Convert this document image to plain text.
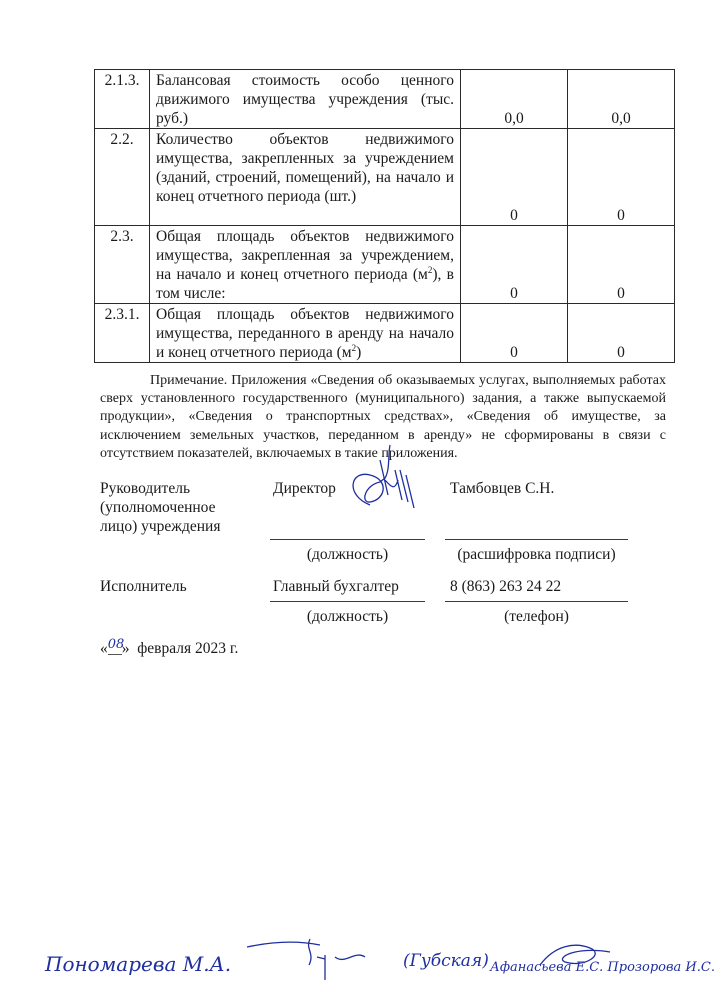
2.1.3.	Балансовая стоимость особо ценного движимого имущества учреждения (тыс. руб.)	0,0	0,0
2.2.	Количество объектов недвижимого имущества, закрепленных за учреждением (зданий, строений, помещений), на начало и конец отчетного периода (шт.)	0	0
2.3.	Общая площадь объектов недвижимого имущества, закрепленная за учреждением, на начало и конец отчетного периода $(м^2)$, в том числе:	0	0
2.3.1.	Общая площадь объектов недвижимого имущества, переданного в аренду на начало и конец отчетного периода $(м^2)$	0	0

Примечание. Приложения «Сведения об оказываемых услугах, выполняемых работах сверх установленного государственного (муниципального) задания, а также выпускаемой продукции», «Сведения о транспортных средствах», «Сведения об имуществе, за исключением земельных участков, переданном в аренду» не сформированы в связи с отсутствием показателей, включаемых в такие приложения.

Руководитель
(уполномоченное
лицо) учреждения
Директор	Тамбовцев С.Н.
(должность)	(расшифровка подписи)
Исполнитель	Главный бухгалтер	8 (863) 263 24 22
(должность)	(телефон)
«08» февраля 2023 г.
Пономарева М.А.	(Губская) Афанасьева Е.С. Прозорова И.С.
